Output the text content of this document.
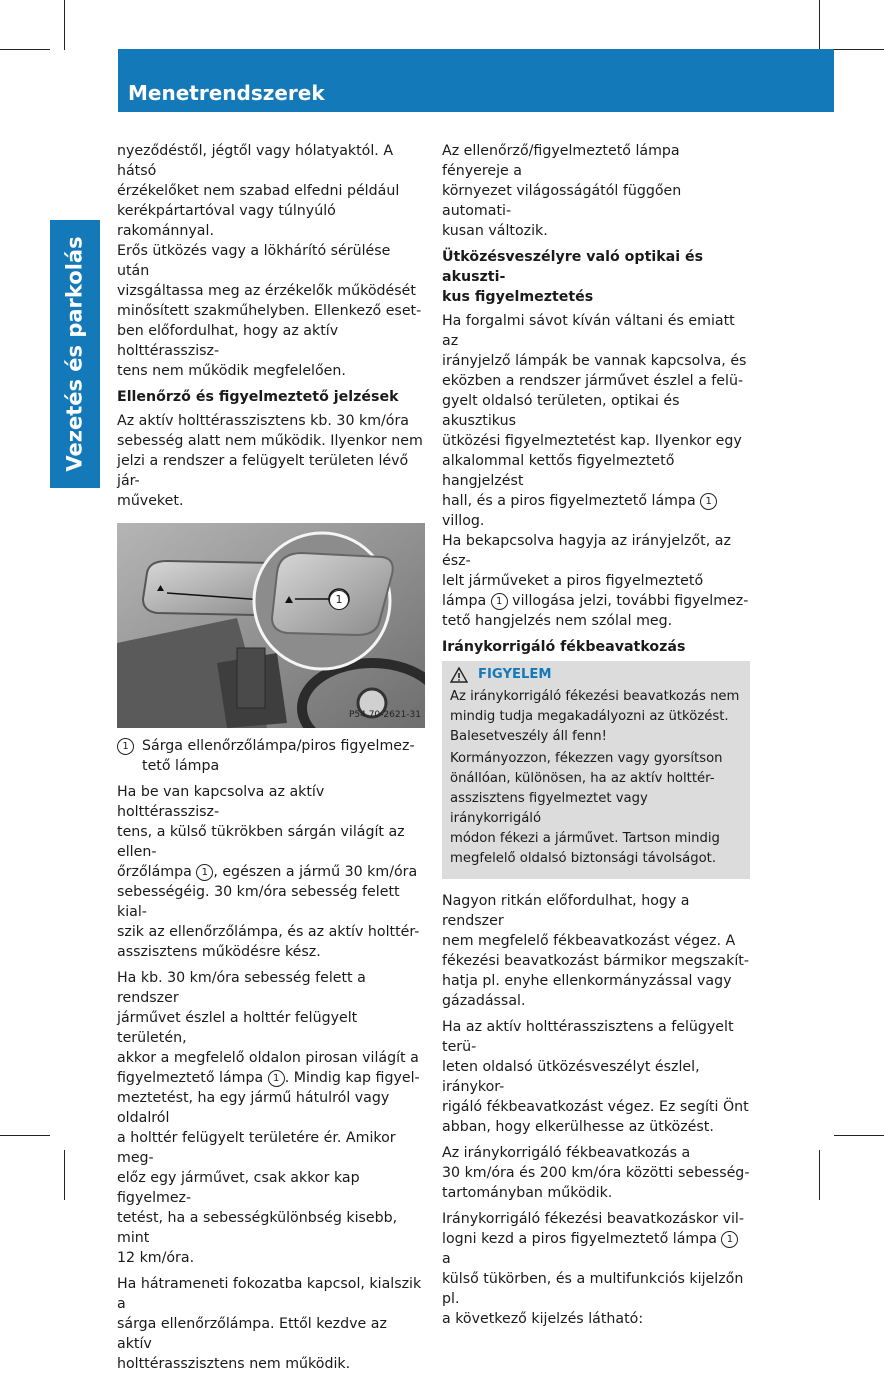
236	Menetrendszerek
Vezetés és parkolás

nyeződéstől, jégtől vagy hólatyaktól. A hátsó
érzékelőket nem szabad elfedni például
kerékpártartóval vagy túlnyúló rakománnyal.
Erős ütközés vagy a lökhárító sérülése után
vizsgáltassa meg az érzékelők működését
minősített szakműhelyben. Ellenkező eset-
ben előfordulhat, hogy az aktív holttérasszisz-
tens nem működik megfelelően.

Ellenőrző és figyelmeztető jelzések

Az aktív holttérasszisztens kb. 30 km/óra
sebesség alatt nem működik. Ilyenkor nem
jelzi a rendszer a felügyelt területen lévő jár-
műveket.

1
P54.70-2621-31
1 Sárga ellenőrzőlámpa/piros figyelmez-
tető lámpa

Ha be van kapcsolva az aktív holttérasszisz-
tens, a külső tükrökben sárgán világít az ellen-
őrzőlámpa 1 , egészen a jármű 30 km/óra
sebességéig. 30 km/óra sebesség felett kial-
szik az ellenőrzőlámpa, és az aktív holttér-
asszisztens működésre kész.

Ha kb. 30 km/óra sebesség felett a rendszer
járművet észlel a holttér felügyelt területén,
akkor a megfelelő oldalon pirosan világít a
figyelmeztető lámpa 1 . Mindig kap figyel-
meztetést, ha egy jármű hátulról vagy oldalról
a holttér felügyelt területére ér. Amikor meg-
előz egy járművet, csak akkor kap figyelmez-
tetést, ha a sebességkülönbség kisebb, mint
12 km/óra.

Ha hátrameneti fokozatba kapcsol, kialszik a
sárga ellenőrzőlámpa. Ettől kezdve az aktív
holttérasszisztens nem működik.

Az ellenőrző/figyelmeztető lámpa fényereje a
környezet világosságától függően automati-
kusan változik.

Ütközésveszélyre való optikai és akuszti-
kus figyelmeztetés

Ha forgalmi sávot kíván váltani és emiatt az
irányjelző lámpák be vannak kapcsolva, és
eközben a rendszer járművet észlel a felü-
gyelt oldalsó területen, optikai és akusztikus
ütközési figyelmeztetést kap. Ilyenkor egy
alkalommal kettős figyelmeztető hangjelzést
hall, és a piros figyelmeztető lámpa 1 villog.
Ha bekapcsolva hagyja az irányjelzőt, az ész-
lelt járműveket a piros figyelmeztető
lámpa 1 villogása jelzi, további figyelmez-
tető hangjelzés nem szólal meg.

Iránykorrigáló fékbeavatkozás
FIGYELEM

Az iránykorrigáló fékezési beavatkozás nem
mindig tudja megakadályozni az ütközést.
Balesetveszély áll fenn!

Kormányozzon, fékezzen vagy gyorsítson
önállóan, különösen, ha az aktív holttér-
asszisztens figyelmeztet vagy iránykorrigáló
módon fékezi a járművet. Tartson mindig
megfelelő oldalsó biztonsági távolságot.

Nagyon ritkán előfordulhat, hogy a rendszer
nem megfelelő fékbeavatkozást végez. A
fékezési beavatkozást bármikor megszakít-
hatja pl. enyhe ellenkormányzással vagy
gázadással.

Ha az aktív holttérasszisztens a felügyelt terü-
leten oldalsó ütközésveszélyt észlel, iránykor-
rigáló fékbeavatkozást végez. Ez segíti Önt
abban, hogy elkerülhesse az ütközést.

Az iránykorrigáló fékbeavatkozás a
30 km/óra és 200 km/óra közötti sebesség-
tartományban működik.

Iránykorrigáló fékezési beavatkozáskor vil-
logni kezd a piros figyelmeztető lámpa 1 a
külső tükörben, és a multifunkciós kijelzőn pl.
a következő kijelzés látható:
